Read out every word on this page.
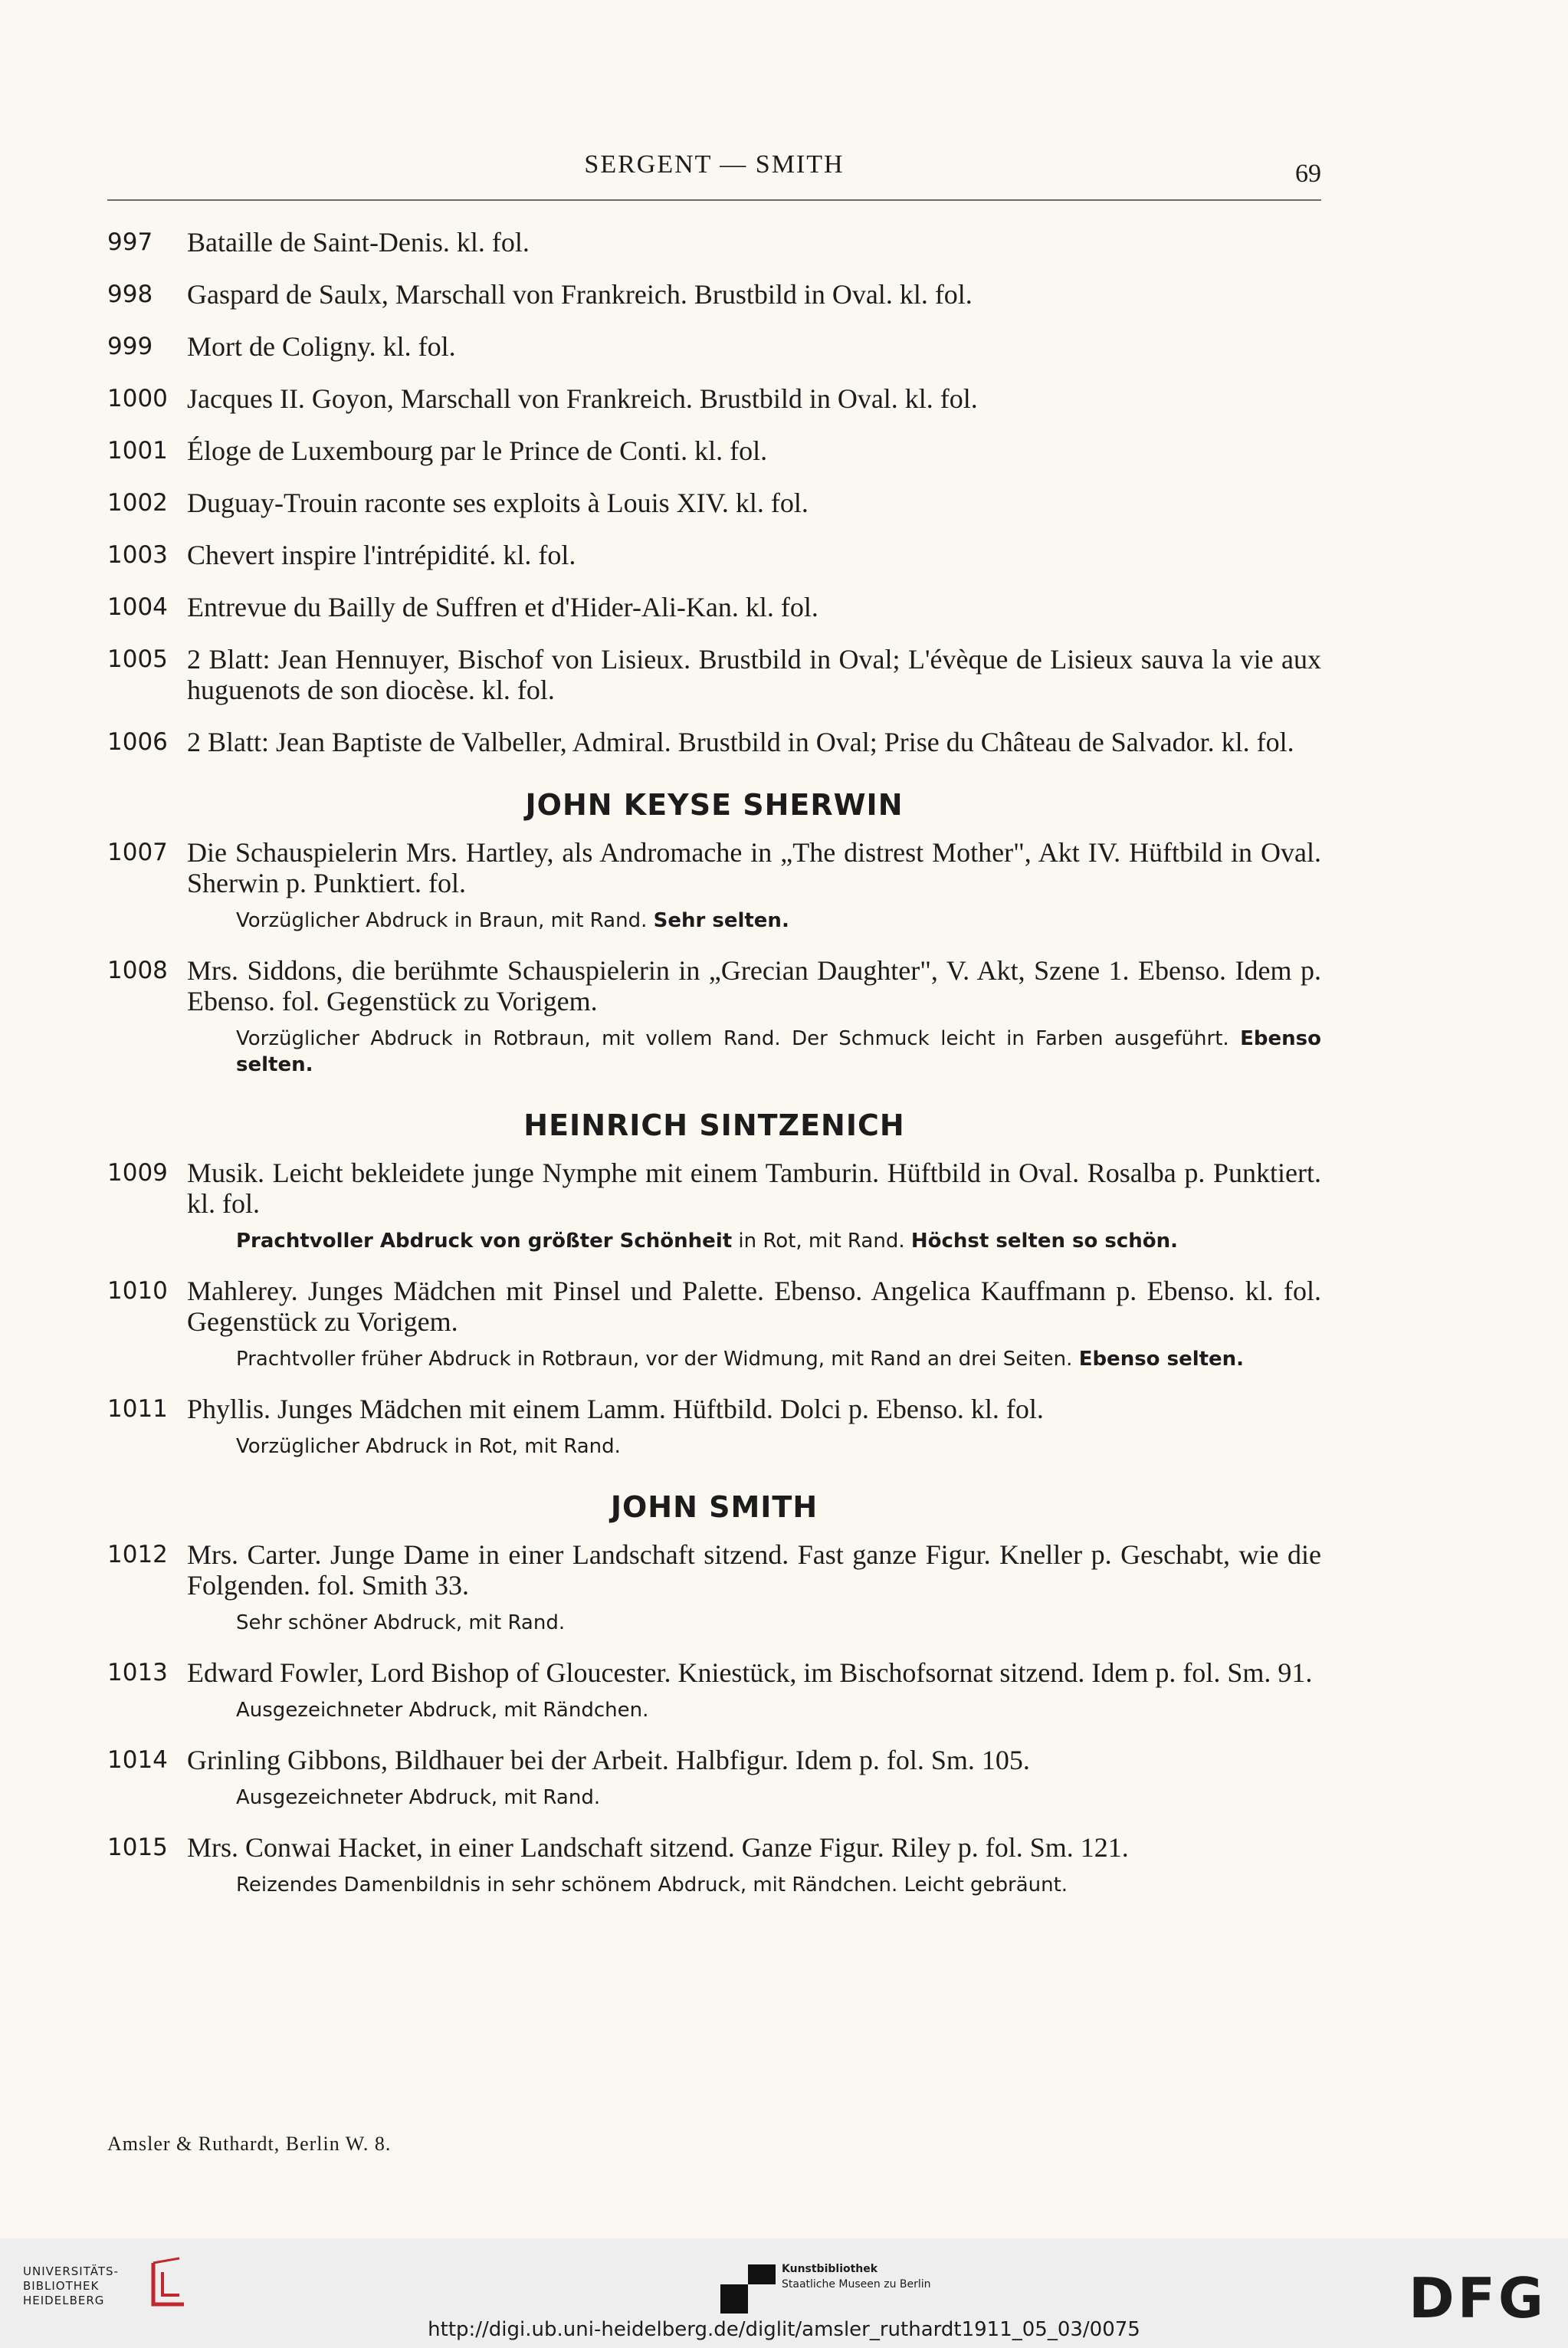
SERGENT — SMITH	69
997 Bataille de Saint-Denis. kl. fol.
998 Gaspard de Saulx, Marschall von Frankreich. Brustbild in Oval. kl. fol.
999 Mort de Coligny. kl. fol.
1000 Jacques II. Goyon, Marschall von Frankreich. Brustbild in Oval. kl. fol.
1001 Éloge de Luxembourg par le Prince de Conti. kl. fol.
1002 Duguay-Trouin raconte ses exploits à Louis XIV. kl. fol.
1003 Chevert inspire l'intrépidité. kl. fol.
1004 Entrevue du Bailly de Suffren et d'Hider-Ali-Kan. kl. fol.
1005 2 Blatt: Jean Hennuyer, Bischof von Lisieux. Brustbild in Oval; L'évèque de Lisieux sauva la vie aux huguenots de son diocèse. kl. fol.
1006 2 Blatt: Jean Baptiste de Valbeller, Admiral. Brustbild in Oval; Prise du Château de Salvador. kl. fol.
JOHN KEYSE SHERWIN
1007 Die Schauspielerin Mrs. Hartley, als Andromache in „The distrest Mother", Akt IV. Hüftbild in Oval. Sherwin p. Punktiert. fol.
Vorzüglicher Abdruck in Braun, mit Rand. Sehr selten.
1008 Mrs. Siddons, die berühmte Schauspielerin in „Grecian Daughter", V. Akt, Szene 1. Ebenso. Idem p. Ebenso. fol. Gegenstück zu Vorigem.
Vorzüglicher Abdruck in Rotbraun, mit vollem Rand. Der Schmuck leicht in Farben ausgeführt. Ebenso selten.
HEINRICH SINTZENICH
1009 Musik. Leicht bekleidete junge Nymphe mit einem Tamburin. Hüftbild in Oval. Rosalba p. Punktiert. kl. fol.
Prachtvoller Abdruck von größter Schönheit in Rot, mit Rand. Höchst selten so schön.
1010 Mahlerey. Junges Mädchen mit Pinsel und Palette. Ebenso. Angelica Kauffmann p. Ebenso. kl. fol. Gegenstück zu Vorigem.
Prachtvoller früher Abdruck in Rotbraun, vor der Widmung, mit Rand an drei Seiten. Ebenso selten.
1011 Phyllis. Junges Mädchen mit einem Lamm. Hüftbild. Dolci p. Ebenso. kl. fol.
Vorzüglicher Abdruck in Rot, mit Rand.
JOHN SMITH
1012 Mrs. Carter. Junge Dame in einer Landschaft sitzend. Fast ganze Figur. Kneller p. Geschabt, wie die Folgenden. fol. Smith 33.
Sehr schöner Abdruck, mit Rand.
1013 Edward Fowler, Lord Bishop of Gloucester. Kniestück, im Bischofsornat sitzend. Idem p. fol. Sm. 91.
Ausgezeichneter Abdruck, mit Rändchen.
1014 Grinling Gibbons, Bildhauer bei der Arbeit. Halbfigur. Idem p. fol. Sm. 105.
Ausgezeichneter Abdruck, mit Rand.
1015 Mrs. Conwai Hacket, in einer Landschaft sitzend. Ganze Figur. Riley p. fol. Sm. 121.
Reizendes Damenbildnis in sehr schönem Abdruck, mit Rändchen. Leicht gebräunt.
Amsler & Ruthardt, Berlin W. 8.
UNIVERSITÄTS-
BIBLIOTHEK
HEIDELBERG
Kunstbibliothek
Staatliche Museen zu Berlin	DFG
http://digi.ub.uni-heidelberg.de/diglit/amsler_ruthardt1911_05_03/0075
